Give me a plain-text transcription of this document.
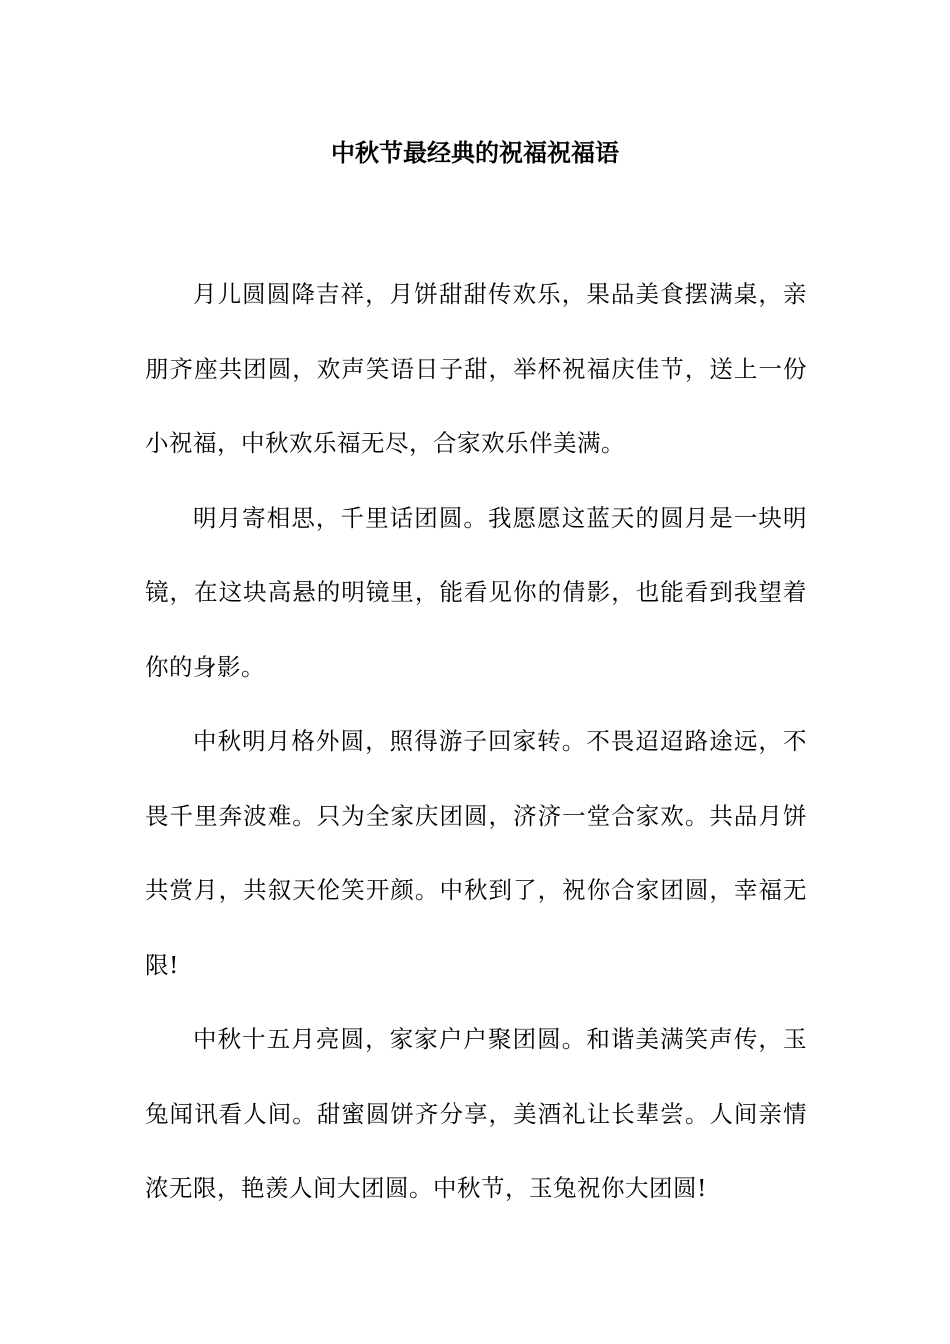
中秋节最经典的祝福祝福语

月儿圆圆降吉祥，月饼甜甜传欢乐，果品美食摆满桌，亲朋齐座共团圆，欢声笑语日子甜，举杯祝福庆佳节，送上一份小祝福，中秋欢乐福无尽，合家欢乐伴美满。

明月寄相思，千里话团圆。我愿愿这蓝天的圆月是一块明镜，在这块高悬的明镜里，能看见你的倩影，也能看到我望着你的身影。

中秋明月格外圆，照得游子回家转。不畏迢迢路途远，不畏千里奔波难。只为全家庆团圆，济济一堂合家欢。共品月饼共赏月，共叙天伦笑开颜。中秋到了，祝你合家团圆，幸福无限!

中秋十五月亮圆，家家户户聚团圆。和谐美满笑声传，玉兔闻讯看人间。甜蜜圆饼齐分享，美酒礼让长辈尝。人间亲情浓无限，艳羡人间大团圆。中秋节，玉兔祝你大团圆!
